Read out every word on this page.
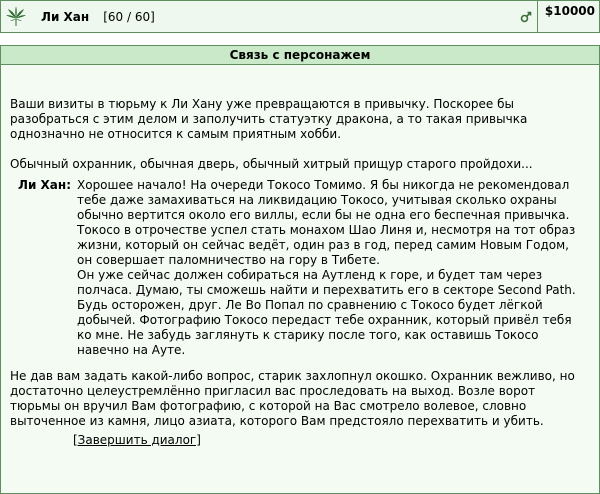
Ли Хан [60 / 60]	$10000
Связь с персонажем

Ваши визиты в тюрьму к Ли Хану уже превращаются в привычку. Поскорее бы разобраться с этим делом и заполучить статуэтку дракона, а то такая привычка однозначно не относится к самым приятным хобби.

Обычный охранник, обычная дверь, обычный хитрый прищур старого пройдохи...

Ли Хан: Хорошее начало! На очереди Токосо Томимо. Я бы никогда не рекомендовал тебе даже замахиваться на ликвидацию Токосо, учитывая сколько охраны обычно вертится около его виллы, если бы не одна его беспечная привычка. Токосо в отрочестве успел стать монахом Шао Линя и, несмотря на тот образ жизни, который он сейчас ведёт, один раз в год, перед самим Новым Годом, он совершает паломничество на гору в Тибете.

Он уже сейчас должен собираться на Аутленд к горе, и будет там через полчаса. Думаю, ты сможешь найти и перехватить его в секторе Second Path. Будь осторожен, друг. Ле Во Попал по сравнению с Токосо будет лёгкой добычей. Фотографию Токосо передаст тебе охранник, который привёл тебя ко мне. Не забудь заглянуть к старику после того, как оставишь Токосо навечно на Ауте.

Не дав вам задать какой-либо вопрос, старик захлопнул окошко. Охранник вежливо, но достаточно целеустремлённо пригласил вас проследовать на выход. Возле ворот тюрьмы он вручил Вам фотографию, с которой на Вас смотрело волевое, словно выточенное из камня, лицо азиата, которого Вам предстояло перехватить и убить.

[Завершить диалог]
